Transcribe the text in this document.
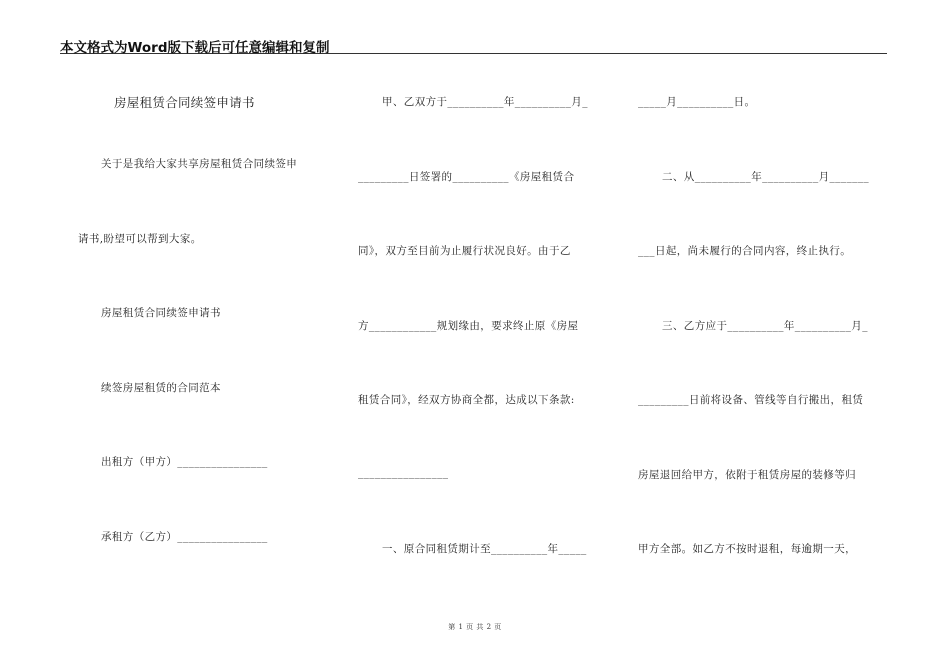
本文格式为Word版下载后可任意编辑和复制
房屋租赁合同续签申请书
关于是我给大家共享房屋租赁合同续签申
请书,盼望可以帮到大家。
房屋租赁合同续签申请书
续签房屋租赁的合同范本
出租方（甲方）________________
承租方（乙方）________________
甲、乙双方于__________年__________月_
_________日签署的__________《房屋租赁合
同》，双方至目前为止履行状况良好。由于乙
方____________规划缘由，要求终止原《房屋
租赁合同》，经双方协商全都，达成以下条款:
________________
一、原合同租赁期计至__________年_____
_____月__________日。
二、从__________年__________月_______
___日起，尚未履行的合同内容，终止执行。
三、乙方应于__________年__________月_
_________日前将设备、管线等自行搬出，租赁
房屋退回给甲方，依附于租赁房屋的装修等归
甲方全部。如乙方不按时退租，每逾期一天，
第 1 页 共 2 页
